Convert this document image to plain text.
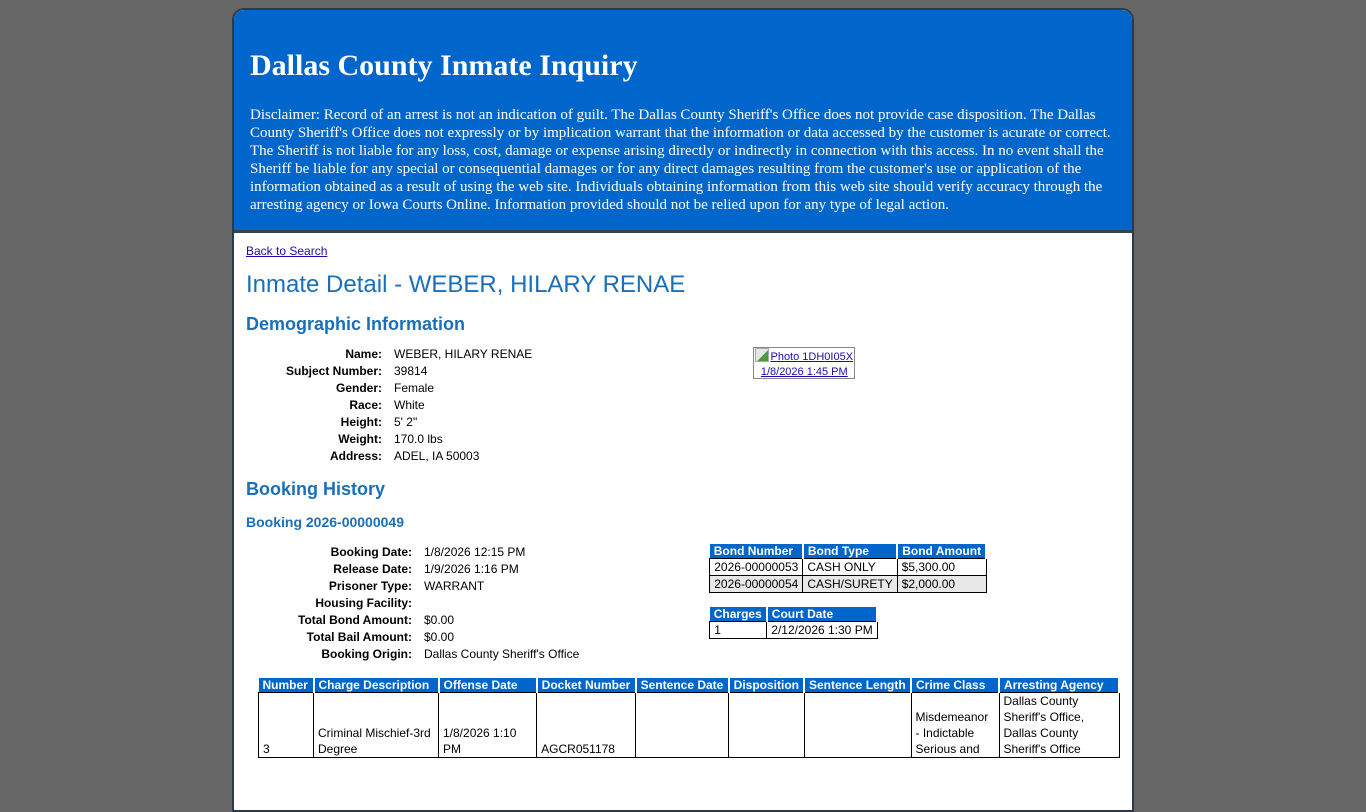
Dallas County Inmate Inquiry

Disclaimer: Record of an arrest is not an indication of guilt. The Dallas County Sheriff's Office does not provide case disposition. The Dallas County Sheriff's Office does not expressly or by implication warrant that the information or data accessed by the customer is acurate or correct. The Sheriff is not liable for any loss, cost, damage or expense arising directly or indirectly in connection with this access. In no event shall the Sheriff be liable for any special or consequential damages or for any direct damages resulting from the customer's use or application of the information obtained as a result of using the web site. Individuals obtaining information from this web site should verify accuracy through the arresting agency or Iowa Courts Online. Information provided should not be relied upon for any type of legal action.

Back to Search
Inmate Detail - WEBER, HILARY RENAE
Demographic Information
Name:	WEBER, HILARY RENAE
Subject Number:	39814
Gender:	Female
Race:	White
Height:	5' 2"
Weight:	170.0 lbs
Address:	ADEL, IA 50003
Photo 1DH0I05X
1/8/2026 1:45 PM
Booking History
Booking 2026-00000049
Booking Date:	1/8/2026 12:15 PM
Release Date:	1/9/2026 1:16 PM
Prisoner Type:	WARRANT
Housing Facility:	
Total Bond Amount:	$0.00
Total Bail Amount:	$0.00
Booking Origin:	Dallas County Sheriff's Office
Bond Number	Bond Type	Bond Amount
2026-00000053	CASH ONLY	$5,300.00
2026-00000054	CASH/SURETY	$2,000.00
Charges	Court Date
1	2/12/2026 1:30 PM
Number	Charge Description	Offense Date	Docket Number	Sentence Date	Disposition	Sentence Length	Crime Class	Arresting Agency
3	Criminal Mischief-3rd Degree	1/8/2026 1:10 PM	AGCR051178				Misdemeanor - Indictable Serious and	Dallas County Sheriff's Office, Dallas County Sheriff's Office
